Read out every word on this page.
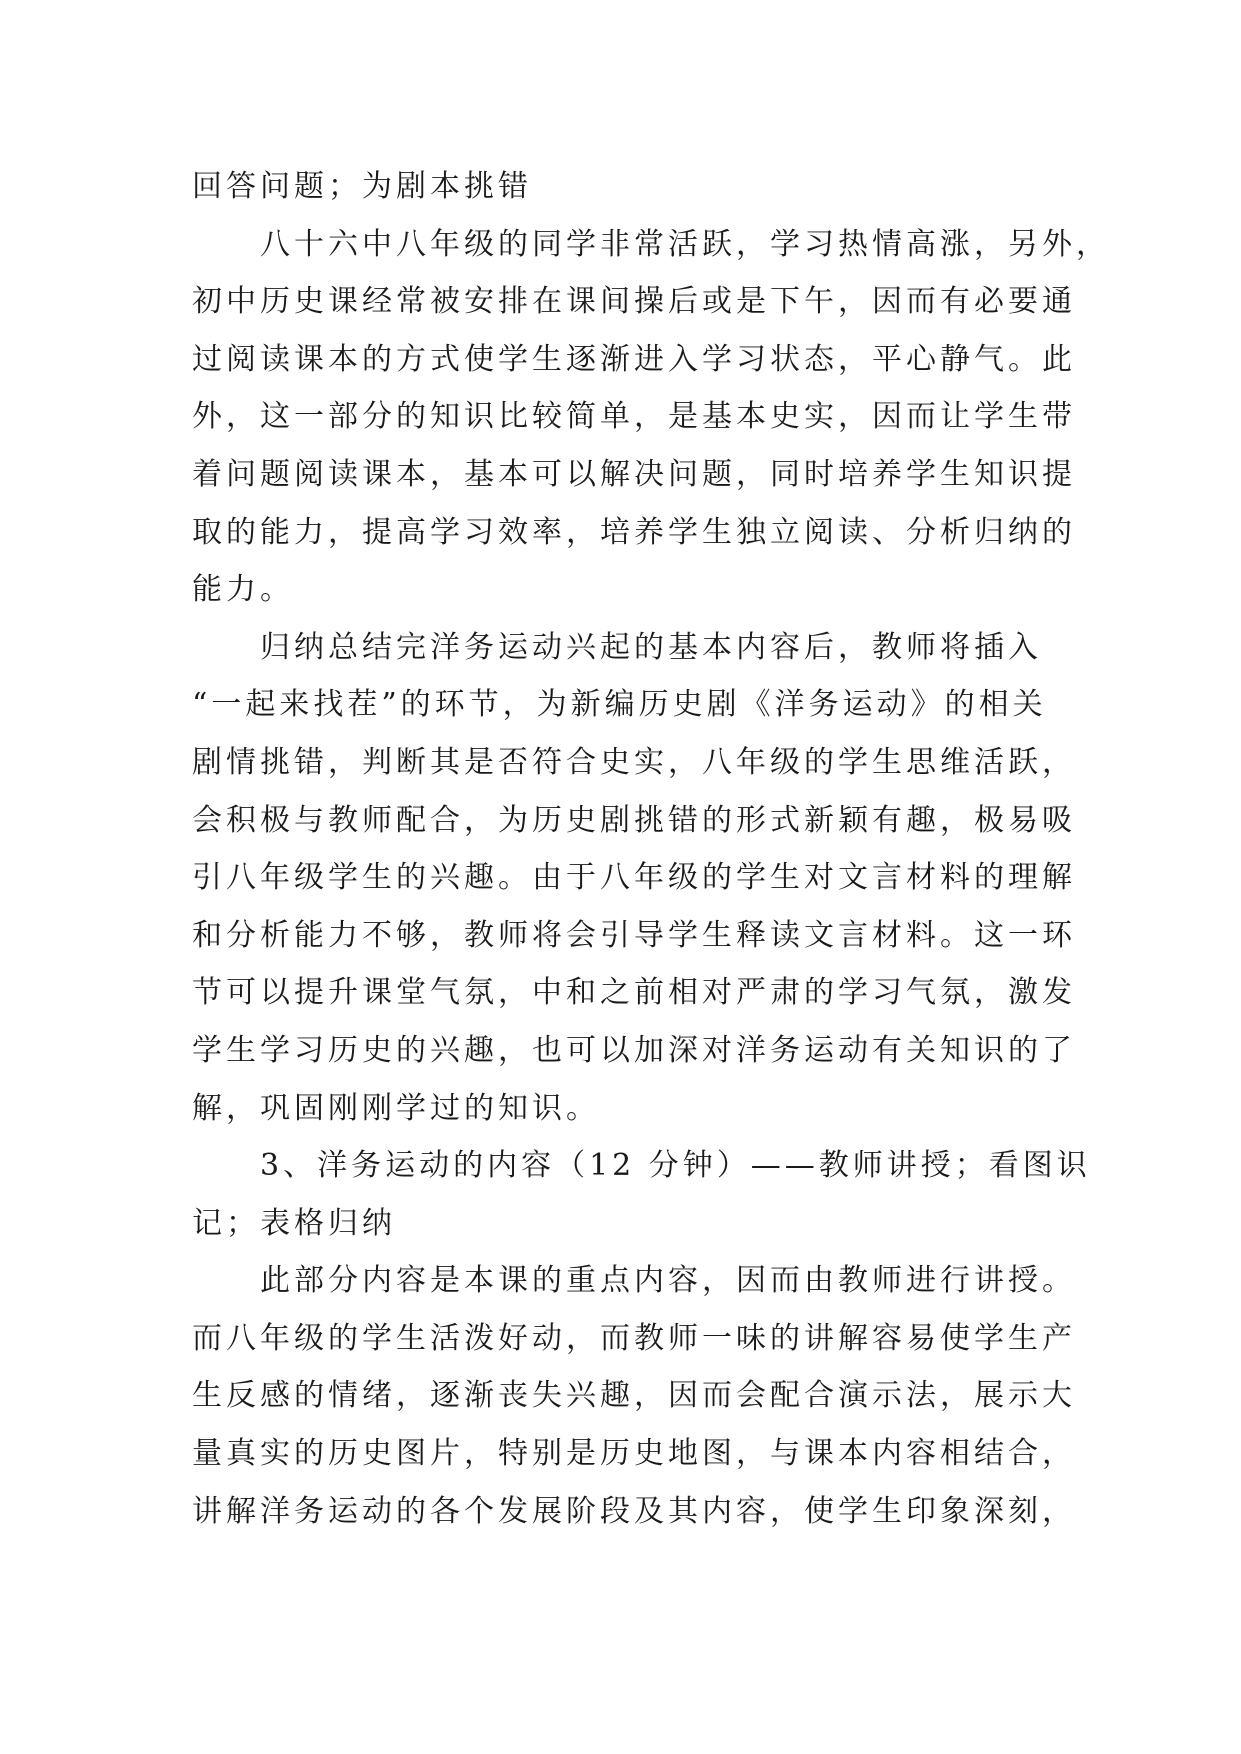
回答问题；为剧本挑错
八十六中八年级的同学非常活跃，学习热情高涨，另外，
初中历史课经常被安排在课间操后或是下午，因而有必要通
过阅读课本的方式使学生逐渐进入学习状态，平心静气。此
外，这一部分的知识比较简单，是基本史实，因而让学生带
着问题阅读课本，基本可以解决问题，同时培养学生知识提
取的能力，提高学习效率，培养学生独立阅读、分析归纳的
能力。
归纳总结完洋务运动兴起的基本内容后，教师将插入
“一起来找茬”的环节，为新编历史剧《洋务运动》的相关
剧情挑错，判断其是否符合史实，八年级的学生思维活跃，
会积极与教师配合，为历史剧挑错的形式新颖有趣，极易吸
引八年级学生的兴趣。由于八年级的学生对文言材料的理解
和分析能力不够，教师将会引导学生释读文言材料。这一环
节可以提升课堂气氛，中和之前相对严肃的学习气氛，激发
学生学习历史的兴趣，也可以加深对洋务运动有关知识的了
解，巩固刚刚学过的知识。
3、洋务运动的内容（12 分钟）——教师讲授；看图识
记；表格归纳
此部分内容是本课的重点内容，因而由教师进行讲授。
而八年级的学生活泼好动，而教师一味的讲解容易使学生产
生反感的情绪，逐渐丧失兴趣，因而会配合演示法，展示大
量真实的历史图片，特别是历史地图，与课本内容相结合，
讲解洋务运动的各个发展阶段及其内容，使学生印象深刻，
